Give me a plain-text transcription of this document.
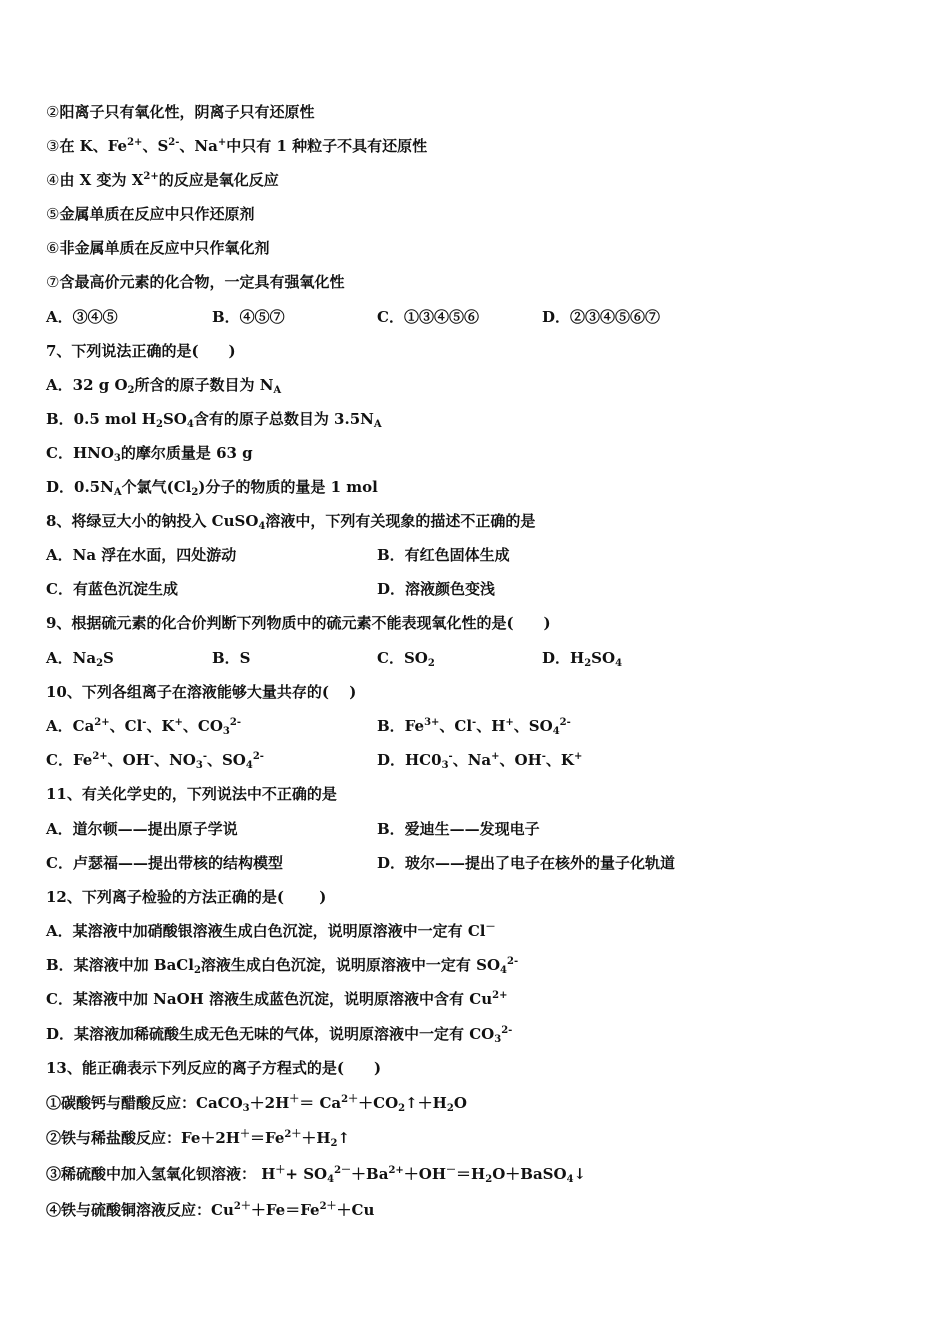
②阳离子只有氧化性，阴离子只有还原性
③在 K、$Fe^{2+}$、$S^{2-}$、Na+中只有 1 种粒子不具有还原性
④由 X 变为 $X^{2+}$的反应是氧化反应
⑤金属单质在反应中只作还原剂
⑥非金属单质在反应中只作氧化剂
⑦含最高价元素的化合物，一定具有强氧化性
A．③④⑤	B．④⑤⑦	C．①③④⑤⑥	D．②③④⑤⑥⑦
7、下列说法正确的是(　　)
A．32 g $O_2$所含的原子数目为 $N_A$
B．0.5 mol $H_2SO_4$含有的原子总数目为 $3.5N_A$
C．$HNO_3$的摩尔质量是 63 g
D．$0.5N_A$个氯气$(Cl_2)$分子的物质的量是 1 mol
8、将绿豆大小的钠投入 CuSO$_4$溶液中，下列有关现象的描述不正确的是
A．Na 浮在水面，四处游动	B．有红色固体生成
C．有蓝色沉淀生成	D．溶液颜色变浅
9、根据硫元素的化合价判断下列物质中的硫元素不能表现氧化性的是(　　)
A．$Na_2S$	B．S	C．$SO_2$	D．$H_2SO_4$
10、下列各组离子在溶液能够大量共存的(　 )
A．$Ca^{2+}$、Cl-、K+、$CO_3^{2-}$	B．$Fe^{3+}$、Cl-、H+、$SO_4^{2-}$
C．$Fe^{2+}$、OH-、$NO_3^-$、$SO_4^{2-}$	D．$HC0_3^-$、Na+、OH-、K+
11、有关化学史的，下列说法中不正确的是
A．道尔顿——提出原子学说	B．爱迪生——发现电子
C．卢瑟福——提出带核的结构模型	D．玻尔——提出了电子在核外的量子化轨道
12、下列离子检验的方法正确的是(　　 )
A．某溶液中加硝酸银溶液生成白色沉淀，说明原溶液中一定有 Cl－
B．某溶液中加 BaCl$_2$溶液生成白色沉淀，说明原溶液中一定有 $SO_4^{2-}$
C．某溶液中加 NaOH 溶液生成蓝色沉淀，说明原溶液中含有 $Cu^{2+}$
D．某溶液加稀硫酸生成无色无味的气体，说明原溶液中一定有 $CO_3^{2-}$
13、能正确表示下列反应的离子方程式的是(　　)
①碳酸钙与醋酸反应：CaCO$_3$＋2H＋＝ $Ca^{2+}+CO_2↑+H_2O$
②铁与稀盐酸反应：$Fe+2H^+=Fe^{2+}+H_2↑$
③稀硫酸中加入氢氧化钡溶液： $H^++ SO_4^{2-}+Ba^{2+}+OH^-=H_2O+BaSO_4↓$
④铁与硫酸铜溶液反应：$Cu^{2+}+Fe=Fe^{2+}+Cu$
